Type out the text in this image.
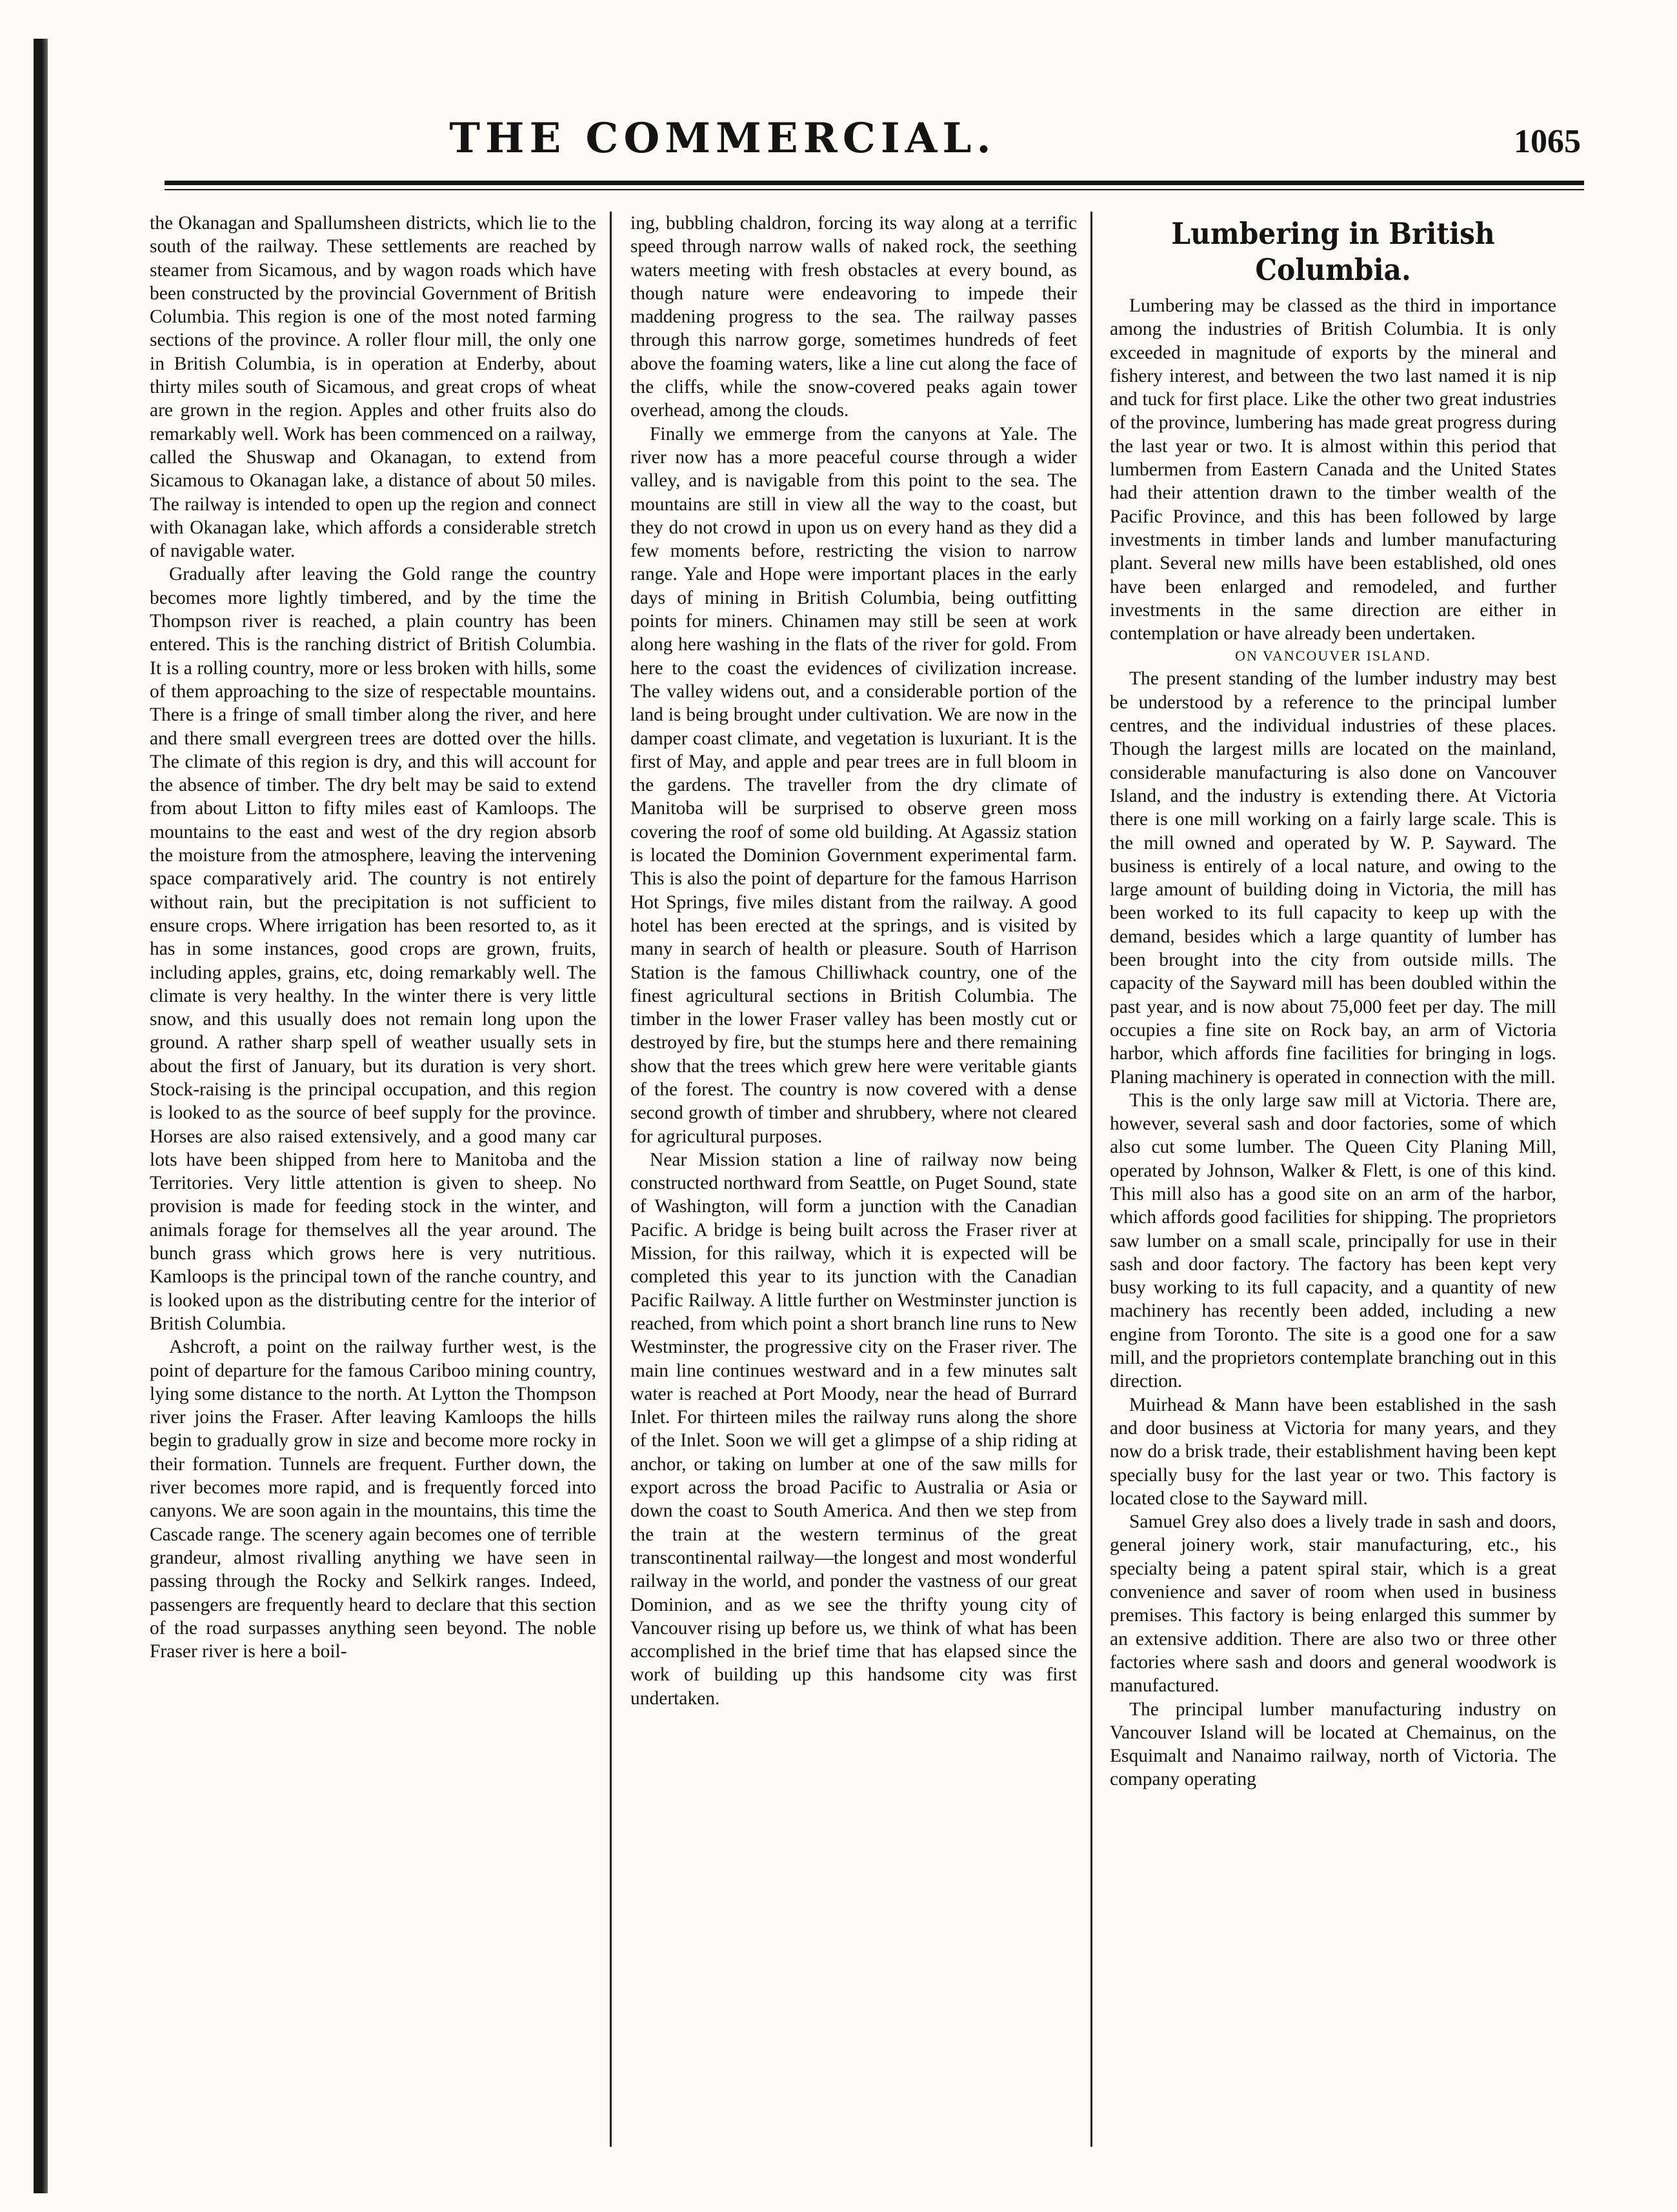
THE COMMERCIAL.	1065

the Okanagan and Spallumsheen districts, which lie to the south of the railway. These settlements are reached by steamer from Sicamous, and by wagon roads which have been constructed by the provincial Government of British Columbia. This region is one of the most noted farming sections of the province. A roller flour mill, the only one in British Columbia, is in operation at Enderby, about thirty miles south of Sicamous, and great crops of wheat are grown in the region. Apples and other fruits also do remarkably well. Work has been commenced on a railway, called the Shuswap and Okanagan, to extend from Sicamous to Okanagan lake, a distance of about 50 miles. The railway is intended to open up the region and connect with Okanagan lake, which affords a considerable stretch of navigable water.

Gradually after leaving the Gold range the country becomes more lightly timbered, and by the time the Thompson river is reached, a plain country has been entered. This is the ranching district of British Columbia. It is a rolling country, more or less broken with hills, some of them approaching to the size of respectable mountains. There is a fringe of small timber along the river, and here and there small evergreen trees are dotted over the hills. The climate of this region is dry, and this will account for the absence of timber. The dry belt may be said to extend from about Litton to fifty miles east of Kamloops. The mountains to the east and west of the dry region absorb the moisture from the atmosphere, leaving the intervening space comparatively arid. The country is not entirely without rain, but the precipitation is not sufficient to ensure crops. Where irrigation has been resorted to, as it has in some instances, good crops are grown, fruits, including apples, grains, etc, doing remarkably well. The climate is very healthy. In the winter there is very little snow, and this usually does not remain long upon the ground. A rather sharp spell of weather usually sets in about the first of January, but its duration is very short. Stock-raising is the principal occupation, and this region is looked to as the source of beef supply for the province. Horses are also raised extensively, and a good many car lots have been shipped from here to Manitoba and the Territories. Very little attention is given to sheep. No provision is made for feeding stock in the winter, and animals forage for themselves all the year around. The bunch grass which grows here is very nutritious. Kamloops is the principal town of the ranche country, and is looked upon as the distributing centre for the interior of British Columbia.

Ashcroft, a point on the railway further west, is the point of departure for the famous Cariboo mining country, lying some distance to the north. At Lytton the Thompson river joins the Fraser. After leaving Kamloops the hills begin to gradually grow in size and become more rocky in their formation. Tunnels are frequent. Further down, the river becomes more rapid, and is frequently forced into canyons. We are soon again in the mountains, this time the Cascade range. The scenery again becomes one of terrible grandeur, almost rivalling anything we have seen in passing through the Rocky and Selkirk ranges. Indeed, passengers are frequently heard to declare that this section of the road surpasses anything seen beyond. The noble Fraser river is here a boil-

ing, bubbling chaldron, forcing its way along at a terrific speed through narrow walls of naked rock, the seething waters meeting with fresh obstacles at every bound, as though nature were endeavoring to impede their maddening progress to the sea. The railway passes through this narrow gorge, sometimes hundreds of feet above the foaming waters, like a line cut along the face of the cliffs, while the snow-covered peaks again tower overhead, among the clouds.

Finally we emmerge from the canyons at Yale. The river now has a more peaceful course through a wider valley, and is navigable from this point to the sea. The mountains are still in view all the way to the coast, but they do not crowd in upon us on every hand as they did a few moments before, restricting the vision to narrow range. Yale and Hope were important places in the early days of mining in British Columbia, being outfitting points for miners. Chinamen may still be seen at work along here washing in the flats of the river for gold. From here to the coast the evidences of civilization increase. The valley widens out, and a considerable portion of the land is being brought under cultivation. We are now in the damper coast climate, and vegetation is luxuriant. It is the first of May, and apple and pear trees are in full bloom in the gardens. The traveller from the dry climate of Manitoba will be surprised to observe green moss covering the roof of some old building. At Agassiz station is located the Dominion Government experimental farm. This is also the point of departure for the famous Harrison Hot Springs, five miles distant from the railway. A good hotel has been erected at the springs, and is visited by many in search of health or pleasure. South of Harrison Station is the famous Chilliwhack country, one of the finest agricultural sections in British Columbia. The timber in the lower Fraser valley has been mostly cut or destroyed by fire, but the stumps here and there remaining show that the trees which grew here were veritable giants of the forest. The country is now covered with a dense second growth of timber and shrubbery, where not cleared for agricultural purposes.

Near Mission station a line of railway now being constructed northward from Seattle, on Puget Sound, state of Washington, will form a junction with the Canadian Pacific. A bridge is being built across the Fraser river at Mission, for this railway, which it is expected will be completed this year to its junction with the Canadian Pacific Railway. A little further on Westminster junction is reached, from which point a short branch line runs to New Westminster, the progressive city on the Fraser river. The main line continues westward and in a few minutes salt water is reached at Port Moody, near the head of Burrard Inlet. For thirteen miles the railway runs along the shore of the Inlet. Soon we will get a glimpse of a ship riding at anchor, or taking on lumber at one of the saw mills for export across the broad Pacific to Australia or Asia or down the coast to South America. And then we step from the train at the western terminus of the great transcontinental railway—the longest and most wonderful railway in the world, and ponder the vastness of our great Dominion, and as we see the thrifty young city of Vancouver rising up before us, we think of what has been accomplished in the brief time that has elapsed since the work of building up this handsome city was first undertaken.

Lumbering in British Columbia.

Lumbering may be classed as the third in importance among the industries of British Columbia. It is only exceeded in magnitude of exports by the mineral and fishery interest, and between the two last named it is nip and tuck for first place. Like the other two great industries of the province, lumbering has made great progress during the last year or two. It is almost within this period that lumbermen from Eastern Canada and the United States had their attention drawn to the timber wealth of the Pacific Province, and this has been followed by large investments in timber lands and lumber manufacturing plant. Several new mills have been established, old ones have been enlarged and remodeled, and further investments in the same direction are either in contemplation or have already been undertaken.

ON VANCOUVER ISLAND.

The present standing of the lumber industry may best be understood by a reference to the principal lumber centres, and the individual industries of these places. Though the largest mills are located on the mainland, considerable manufacturing is also done on Vancouver Island, and the industry is extending there. At Victoria there is one mill working on a fairly large scale. This is the mill owned and operated by W. P. Sayward. The business is entirely of a local nature, and owing to the large amount of building doing in Victoria, the mill has been worked to its full capacity to keep up with the demand, besides which a large quantity of lumber has been brought into the city from outside mills. The capacity of the Sayward mill has been doubled within the past year, and is now about 75,000 feet per day. The mill occupies a fine site on Rock bay, an arm of Victoria harbor, which affords fine facilities for bringing in logs. Planing machinery is operated in connection with the mill.

This is the only large saw mill at Victoria. There are, however, several sash and door factories, some of which also cut some lumber. The Queen City Planing Mill, operated by Johnson, Walker & Flett, is one of this kind. This mill also has a good site on an arm of the harbor, which affords good facilities for shipping. The proprietors saw lumber on a small scale, principally for use in their sash and door factory. The factory has been kept very busy working to its full capacity, and a quantity of new machinery has recently been added, including a new engine from Toronto. The site is a good one for a saw mill, and the proprietors contemplate branching out in this direction.

Muirhead & Mann have been established in the sash and door business at Victoria for many years, and they now do a brisk trade, their establishment having been kept specially busy for the last year or two. This factory is located close to the Sayward mill.

Samuel Grey also does a lively trade in sash and doors, general joinery work, stair manufacturing, etc., his specialty being a patent spiral stair, which is a great convenience and saver of room when used in business premises. This factory is being enlarged this summer by an extensive addition. There are also two or three other factories where sash and doors and general woodwork is manufactured.

The principal lumber manufacturing industry on Vancouver Island will be located at Chemainus, on the Esquimalt and Nanaimo railway, north of Victoria. The company operating
